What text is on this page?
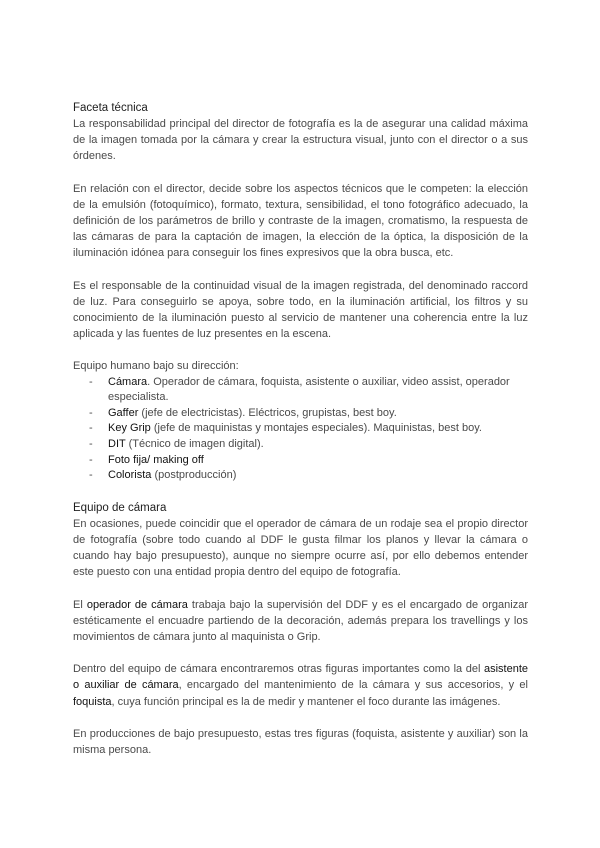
Faceta técnica

La responsabilidad principal del director de fotografía es la de asegurar una calidad máxima de la imagen tomada por la cámara y crear la estructura visual, junto con el director o a sus órdenes.

En relación con el director, decide sobre los aspectos técnicos que le competen: la elección de la emulsión (fotoquímico), formato, textura, sensibilidad, el tono fotográfico adecuado, la definición de los parámetros de brillo y contraste de la imagen, cromatismo, la respuesta de las cámaras de para la captación de imagen, la elección de la óptica, la disposición de la iluminación idónea para conseguir los fines expresivos que la obra busca, etc.

Es el responsable de la continuidad visual de la imagen registrada, del denominado raccord de luz. Para conseguirlo se apoya, sobre todo, en la iluminación artificial, los filtros y su conocimiento de la iluminación puesto al servicio de mantener una coherencia entre la luz aplicada y las fuentes de luz presentes en la escena.

Equipo humano bajo su dirección:

- Cámara. Operador de cámara, foquista, asistente o auxiliar, video assist, operador especialista.
- Gaffer (jefe de electricistas). Eléctricos, grupistas, best boy.
- Key Grip (jefe de maquinistas y montajes especiales). Maquinistas, best boy.
- DIT (Técnico de imagen digital).
- Foto fija/ making off
- Colorista (postproducción)
Equipo de cámara

En ocasiones, puede coincidir que el operador de cámara de un rodaje sea el propio director de fotografía (sobre todo cuando al DDF le gusta filmar los planos y llevar la cámara o cuando hay bajo presupuesto), aunque no siempre ocurre así, por ello debemos entender este puesto con una entidad propia dentro del equipo de fotografía.

El operador de cámara trabaja bajo la supervisión del DDF y es el encargado de organizar estéticamente el encuadre partiendo de la decoración, además prepara los travellings y los movimientos de cámara junto al maquinista o Grip.

Dentro del equipo de cámara encontraremos otras figuras importantes como la del asistente o auxiliar de cámara, encargado del mantenimiento de la cámara y sus accesorios, y el foquista, cuya función principal es la de medir y mantener el foco durante las imágenes.

En producciones de bajo presupuesto, estas tres figuras (foquista, asistente y auxiliar) son la misma persona.
